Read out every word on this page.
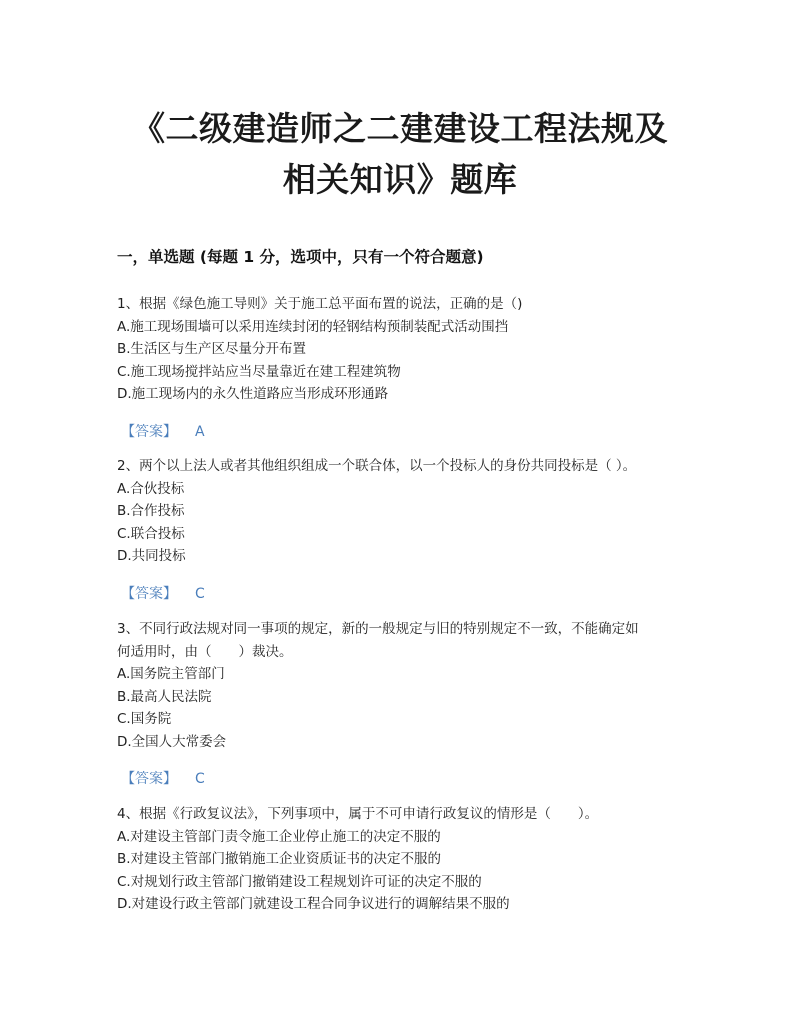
《二级建造师之二建建设工程法规及
相关知识》题库
一，单选题 (每题 1 分，选项中，只有一个符合题意)
1、根据《绿色施工导则》关于施工总平面布置的说法，正确的是（)
A.施工现场围墙可以采用连续封闭的轻钢结构预制装配式活动围挡
B.生活区与生产区尽量分开布置
C.施工现场搅拌站应当尽量靠近在建工程建筑物
D.施工现场内的永久性道路应当形成环形通路
【答案】 A
2、两个以上法人或者其他组织组成一个联合体，以一个投标人的身份共同投标是（ ）。
A.合伙投标
B.合作投标
C.联合投标
D.共同投标
【答案】 C
3、不同行政法规对同一事项的规定，新的一般规定与旧的特别规定不一致，不能确定如
何适用时，由（　　）裁决。
A.国务院主管部门
B.最高人民法院
C.国务院
D.全国人大常委会
【答案】 C
4、根据《行政复议法》，下列事项中，属于不可申请行政复议的情形是（　　）。
A.对建设主管部门责令施工企业停止施工的决定不服的
B.对建设主管部门撤销施工企业资质证书的决定不服的
C.对规划行政主管部门撤销建设工程规划许可证的决定不服的
D.对建设行政主管部门就建设工程合同争议进行的调解结果不服的
